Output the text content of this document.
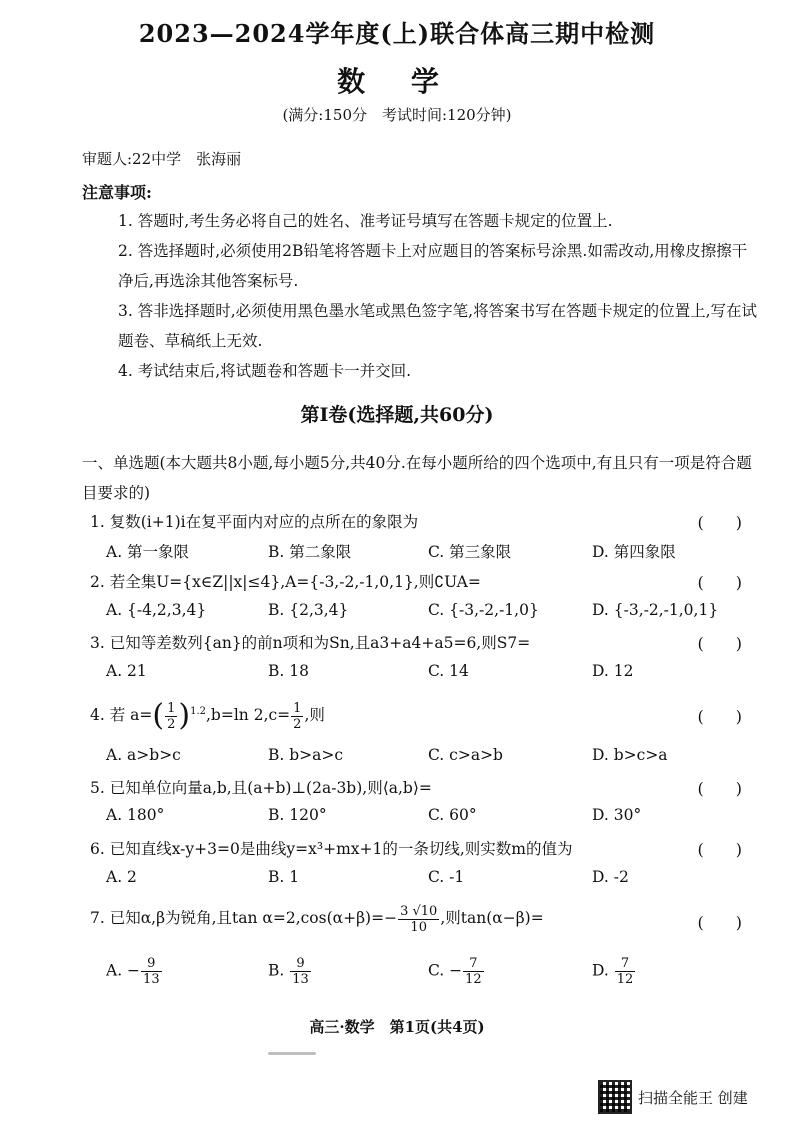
2023—2024学年度(上)联合体高三期中检测
数 学
(满分:150分　考试时间:120分钟)
审题人:22中学　张海丽
注意事项:
1. 答题时,考生务必将自己的姓名、准考证号填写在答题卡规定的位置上.
2. 答选择题时,必须使用2B铅笔将答题卡上对应题目的答案标号涂黑.如需改动,用橡皮擦擦干净后,再选涂其他答案标号.
3. 答非选择题时,必须使用黑色墨水笔或黑色签字笔,将答案书写在答题卡规定的位置上,写在试题卷、草稿纸上无效.
4. 考试结束后,将试题卷和答题卡一并交回.
第Ⅰ卷(选择题,共60分)
一、单选题(本大题共8小题,每小题5分,共40分.在每小题所给的四个选项中,有且只有一项是符合题目要求的)
1. 复数(i+1)i在复平面内对应的点所在的象限为	(　　)
A. 第一象限	B. 第二象限	C. 第三象限	D. 第四象限
2. 若全集U={x∈Z||x|≤4},A={-3,-2,-1,0,1},则∁UA=	(　　)
A. {-4,2,3,4}	B. {2,3,4}	C. {-3,-2,-1,0}	D. {-3,-2,-1,0,1}
3. 已知等差数列{an}的前n项和为Sn,且a3+a4+a5=6,则S7=	(　　)
A. 21	B. 18	C. 14	D. 12
4. 若 $a=( \frac{1}{2} )^{1.2},b=\ln$ $2,c= \frac{1}{2}$ ,则	(　　)
A. a>b>c	B. b>a>c	C. c>a>b	D. b>c>a
5. 已知单位向量a,b,且(a+b)⊥(2a-3b),则⟨a,b⟩=	(　　)
A. 180°	B. 120°	C. 60°	D. 30°
6. 已知直线x-y+3=0是曲线y=x³+mx+1的一条切线,则实数m的值为	(　　)
A. 2	B. 1	C. -1	D. -2
7. 已知α,β为锐角,且$\tan \alpha=2,\cos(\alpha+\beta)=- \frac{3 √10}{10}$ ,则tan(α−β)=	(　　)
A. − $\frac{9}{13}$	B. $\frac{9}{13}$	C. − $\frac{7}{12}$	D. $\frac{7}{12}$
高三·数学　第1页(共4页)
扫描全能王 创建
